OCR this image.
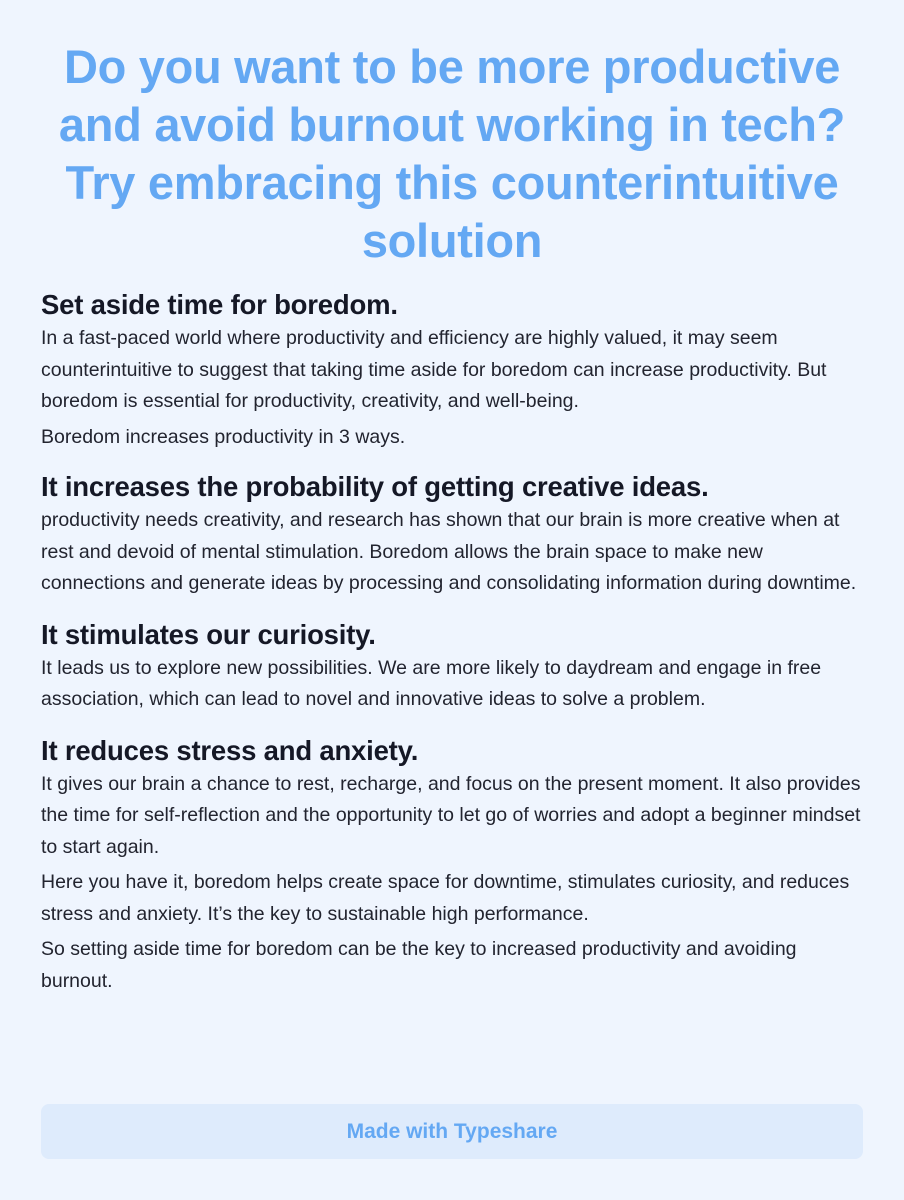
Do you want to be more productive and avoid burnout working in tech? Try embracing this counterintuitive solution
Set aside time for boredom.

In a fast-paced world where productivity and efficiency are highly valued, it may seem counterintuitive to suggest that taking time aside for boredom can increase productivity. But boredom is essential for productivity, creativity, and well-being.

Boredom increases productivity in 3 ways.

It increases the probability of getting creative ideas.

productivity needs creativity, and research has shown that our brain is more creative when at rest and devoid of mental stimulation. Boredom allows the brain space to make new connections and generate ideas by processing and consolidating information during downtime.

It stimulates our curiosity.

It leads us to explore new possibilities. We are more likely to daydream and engage in free association, which can lead to novel and innovative ideas to solve a problem.

It reduces stress and anxiety.

It gives our brain a chance to rest, recharge, and focus on the present moment. It also provides the time for self-reflection and the opportunity to let go of worries and adopt a beginner mindset to start again.

Here you have it, boredom helps create space for downtime, stimulates curiosity, and reduces stress and anxiety. It’s the key to sustainable high performance.

So setting aside time for boredom can be the key to increased productivity and avoiding burnout.

Made with Typeshare
